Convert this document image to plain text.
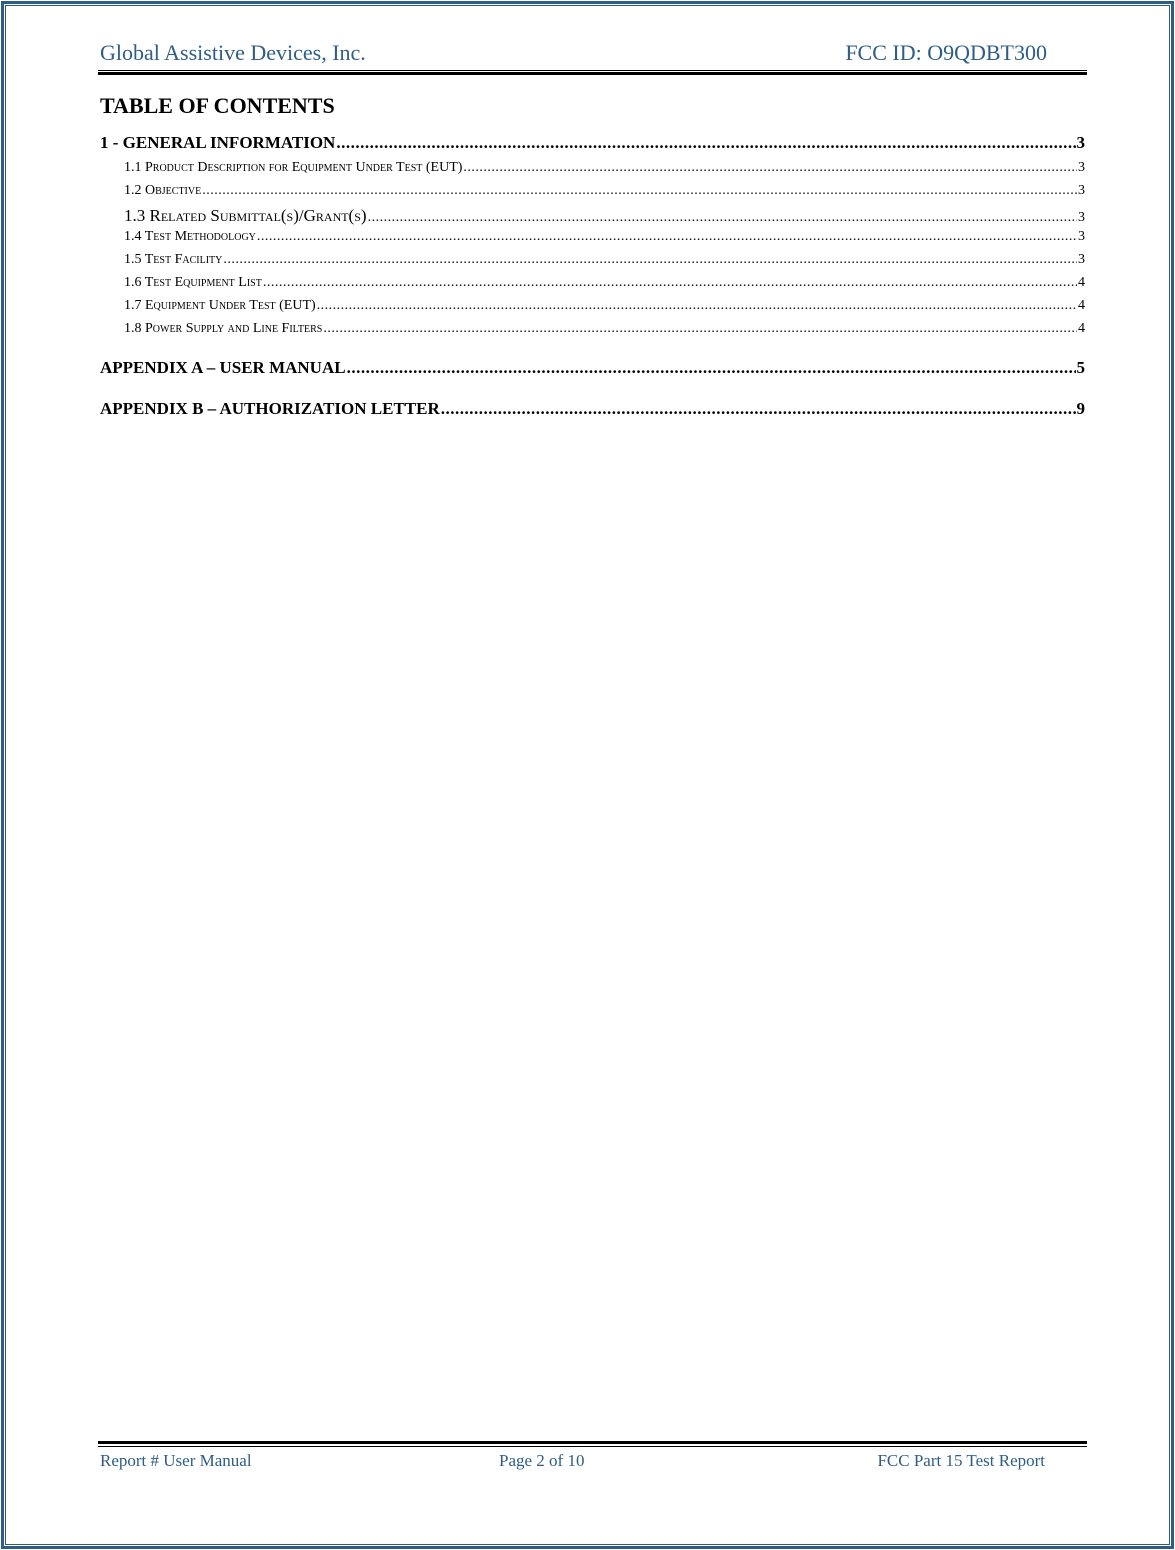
Global Assistive Devices, Inc.	FCC ID: O9QDBT300
TABLE OF CONTENTS
1 - GENERAL INFORMATION .....	3
1.1 Product Description for Equipment Under Test (EUT) .....	3
1.2 Objective .....	3
1.3 Related Submittal(s)/Grant(s) .....	3
1.4 Test Methodology .....	3
1.5 Test Facility .....	3
1.6 Test Equipment List .....	4
1.7 Equipment Under Test (EUT) .....	4
1.8 Power Supply and Line Filters .....	4
APPENDIX A – USER MANUAL .....	5
APPENDIX B – AUTHORIZATION LETTER .....	9
Report # User Manual	Page 2 of 10	FCC Part 15 Test Report
